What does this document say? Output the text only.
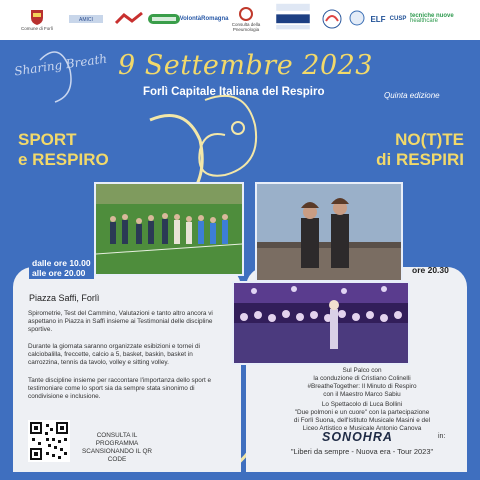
Comune di Forlì
AMICI	VolontàRomagna
Consulta della Pneumologia
ELF CUSP tecniche nuove
healthcare
Sharing Breath 9 Settembre 2023
Forlì Capitale Italiana del Respiro	Quinta edizione
SPORT
e RESPIRO
NO(T)TE
di RESPIRI
dalle ore 10.00
alle ore 20.00
Piazza Saffi, Forlì
Spirometrie, Test del Cammino, Valutazioni e tanto altro ancora vi aspettano in Piazza in Saffi insieme ai Testimonial delle discipline sportive.
Durante la giornata saranno organizzate esibizioni e tornei di calciobalilla, freccette, calcio a 5, basket, baskin, basket in carrozzina, tennis da tavolo, volley e sitting volley.
Tante discipline insieme per raccontare l'importanza dello sport e testimoniare come lo sport sia da sempre stata sinonimo di condivisione e inclusione.
CONSULTA IL PROGRAMMA
SCANSIONANDO IL QR CODE
ore 20.30
Sul Palco con
la conduzione di Cristiano Colinelli
#BreatheTogether: Il Minuto di Respiro
con il Maestro Marco Sabiu
Lo Spettacolo di Luca Bollini
"Due polmoni e un cuore" con la partecipazione
di Forlì Suona, dell'Istituto Musicale Masini e del
Liceo Artistico e Musicale Antonio Canova
SONOHRA	in:
"Liberi da sempre - Nuova era - Tour 2023"
